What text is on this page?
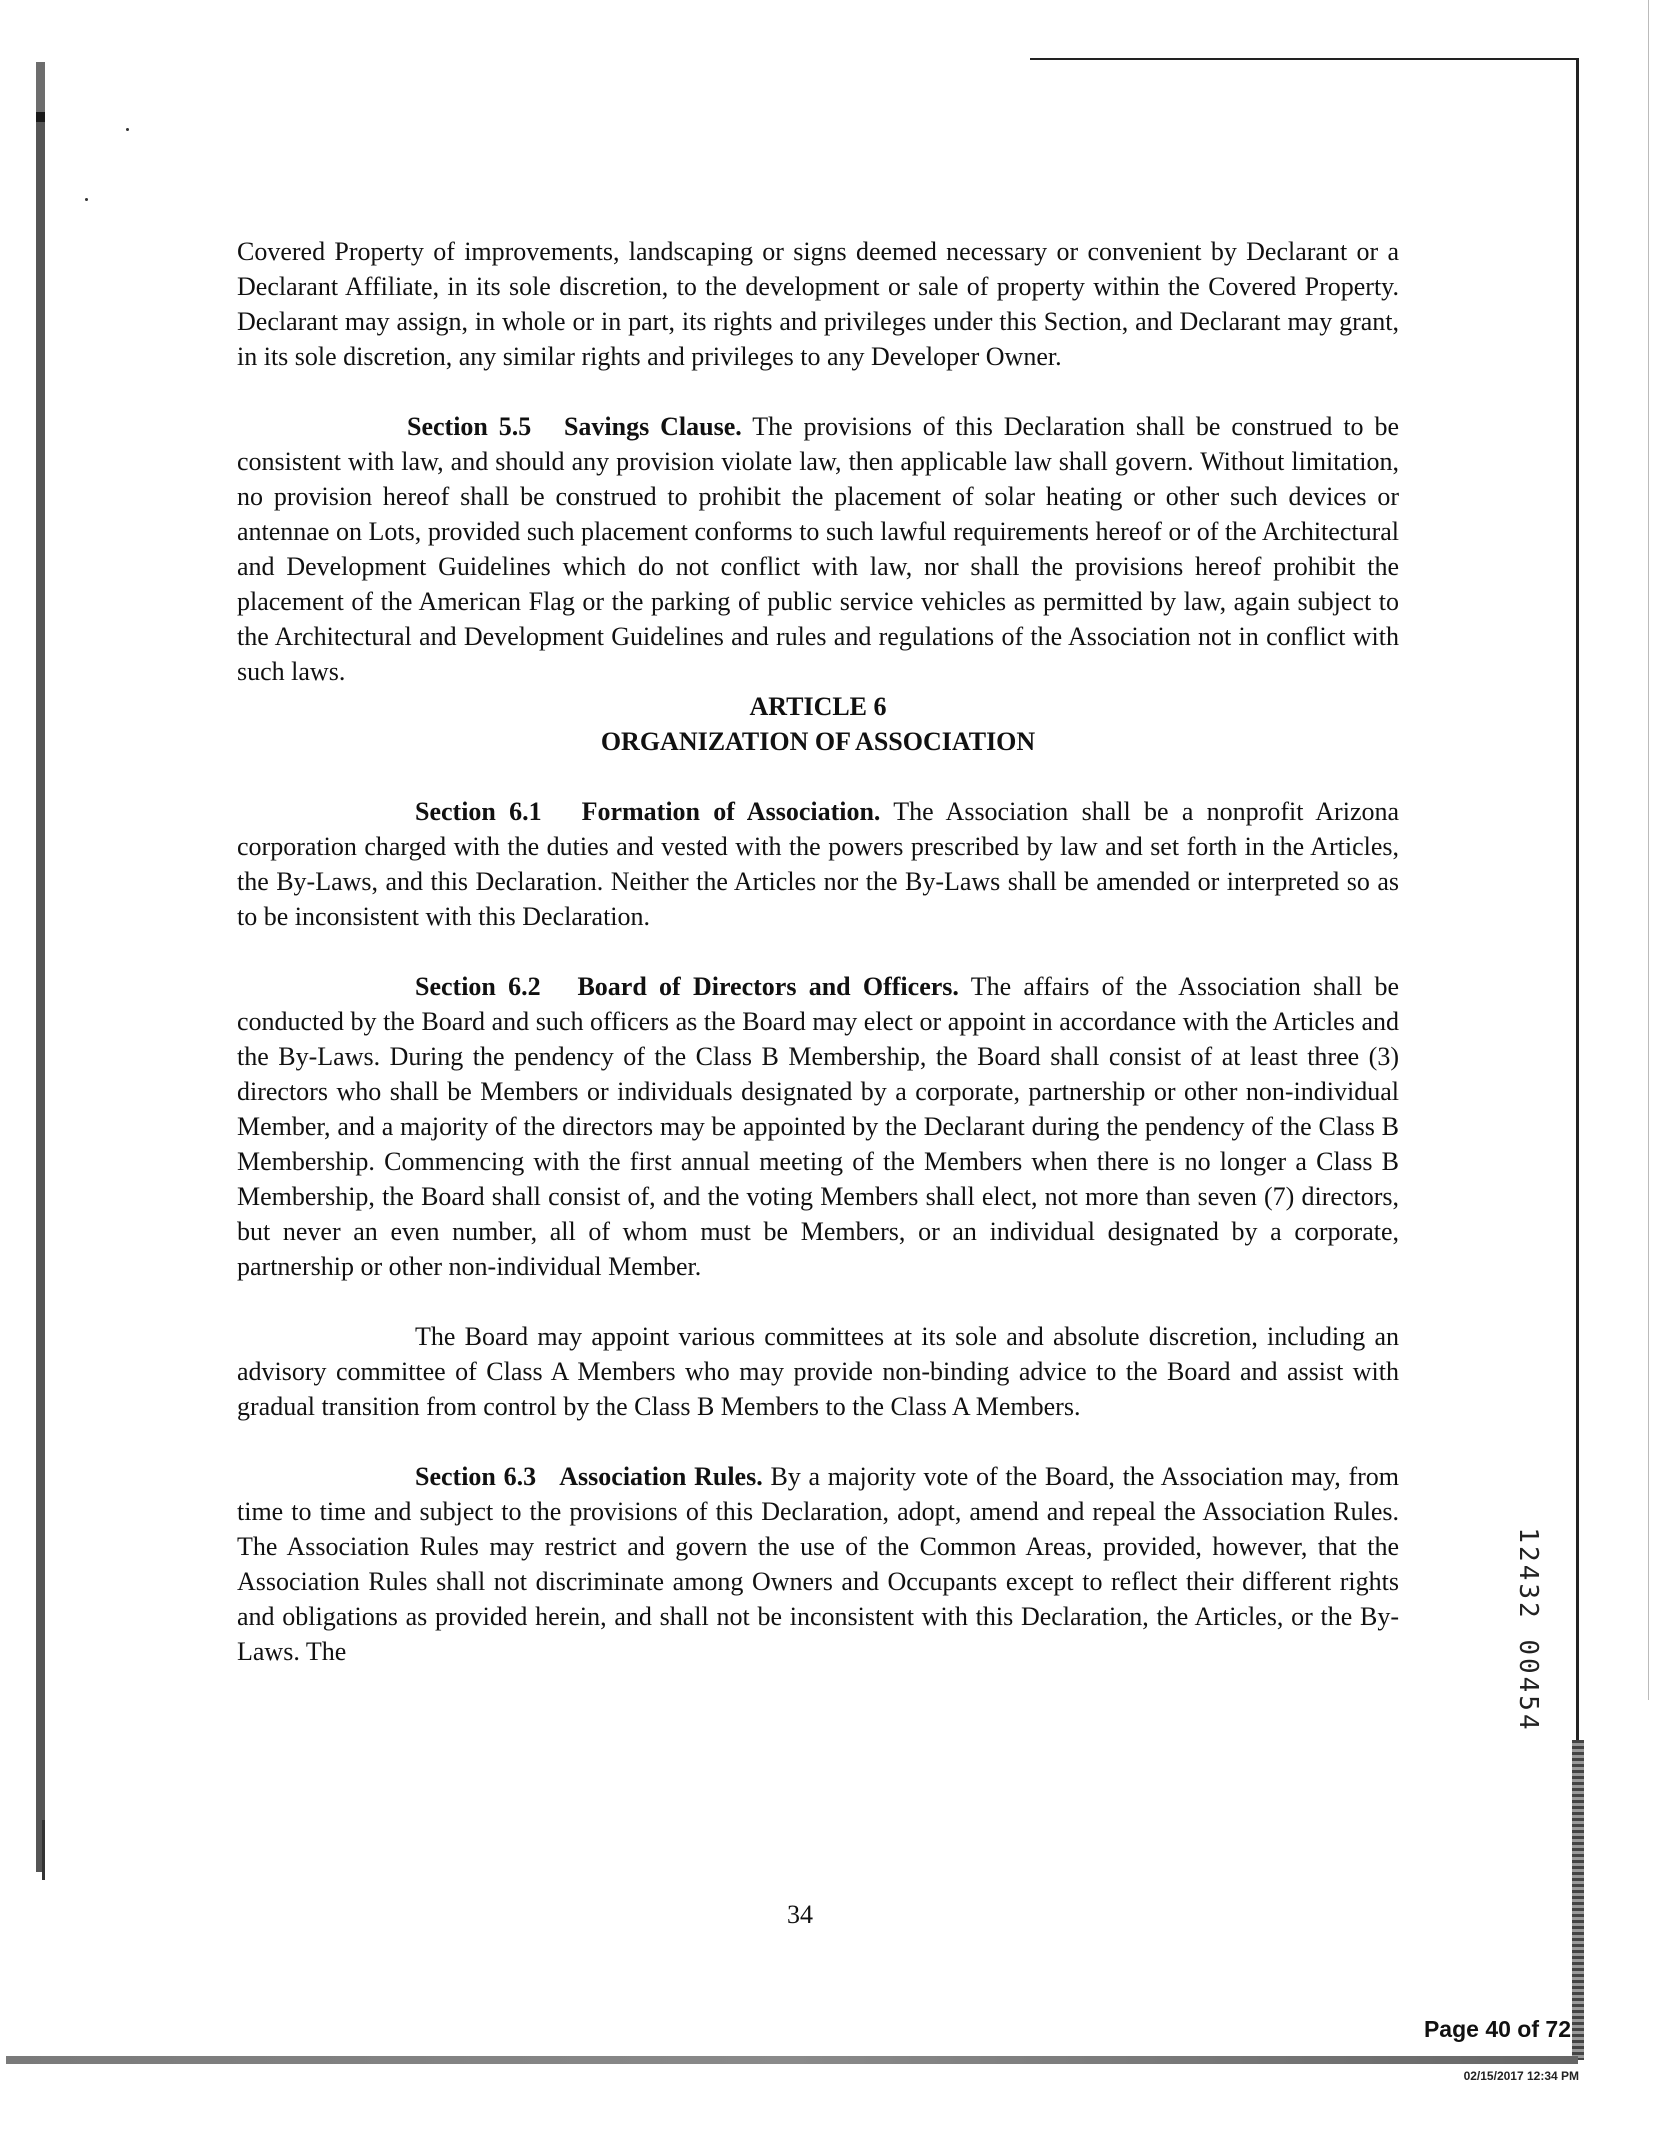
Covered Property of improvements, landscaping or signs deemed necessary or convenient by Declarant or a Declarant Affiliate, in its sole discretion, to the development or sale of property within the Covered Property. Declarant may assign, in whole or in part, its rights and privileges under this Section, and Declarant may grant, in its sole discretion, any similar rights and privileges to any Developer Owner.

Section 5.5 Savings Clause. The provisions of this Declaration shall be construed to be consistent with law, and should any provision violate law, then applicable law shall govern. Without limitation, no provision hereof shall be construed to prohibit the placement of solar heating or other such devices or antennae on Lots, provided such placement conforms to such lawful requirements hereof or of the Architectural and Development Guidelines which do not conflict with law, nor shall the provisions hereof prohibit the placement of the American Flag or the parking of public service vehicles as permitted by law, again subject to the Architectural and Development Guidelines and rules and regulations of the Association not in conflict with such laws.

ARTICLE 6

ORGANIZATION OF ASSOCIATION

Section 6.1 Formation of Association. The Association shall be a nonprofit Arizona corporation charged with the duties and vested with the powers prescribed by law and set forth in the Articles, the By-Laws, and this Declaration. Neither the Articles nor the By-Laws shall be amended or interpreted so as to be inconsistent with this Declaration.

Section 6.2 Board of Directors and Officers. The affairs of the Association shall be conducted by the Board and such officers as the Board may elect or appoint in accordance with the Articles and the By-Laws. During the pendency of the Class B Membership, the Board shall consist of at least three (3) directors who shall be Members or individuals designated by a corporate, partnership or other non-individual Member, and a majority of the directors may be appointed by the Declarant during the pendency of the Class B Membership. Commencing with the first annual meeting of the Members when there is no longer a Class B Membership, the Board shall consist of, and the voting Members shall elect, not more than seven (7) directors, but never an even number, all of whom must be Members, or an individual designated by a corporate, partnership or other non-individual Member.

The Board may appoint various committees at its sole and absolute discretion, including an advisory committee of Class A Members who may provide non-binding advice to the Board and assist with gradual transition from control by the Class B Members to the Class A Members.

Section 6.3 Association Rules. By a majority vote of the Board, the Association may, from time to time and subject to the provisions of this Declaration, adopt, amend and repeal the Association Rules. The Association Rules may restrict and govern the use of the Common Areas, provided, however, that the Association Rules shall not discriminate among Owners and Occupants except to reflect their different rights and obligations as provided herein, and shall not be inconsistent with this Declaration, the Articles, or the By-Laws. The

34
12432 00454
Page 40 of 72
02/15/2017 12:34 PM
